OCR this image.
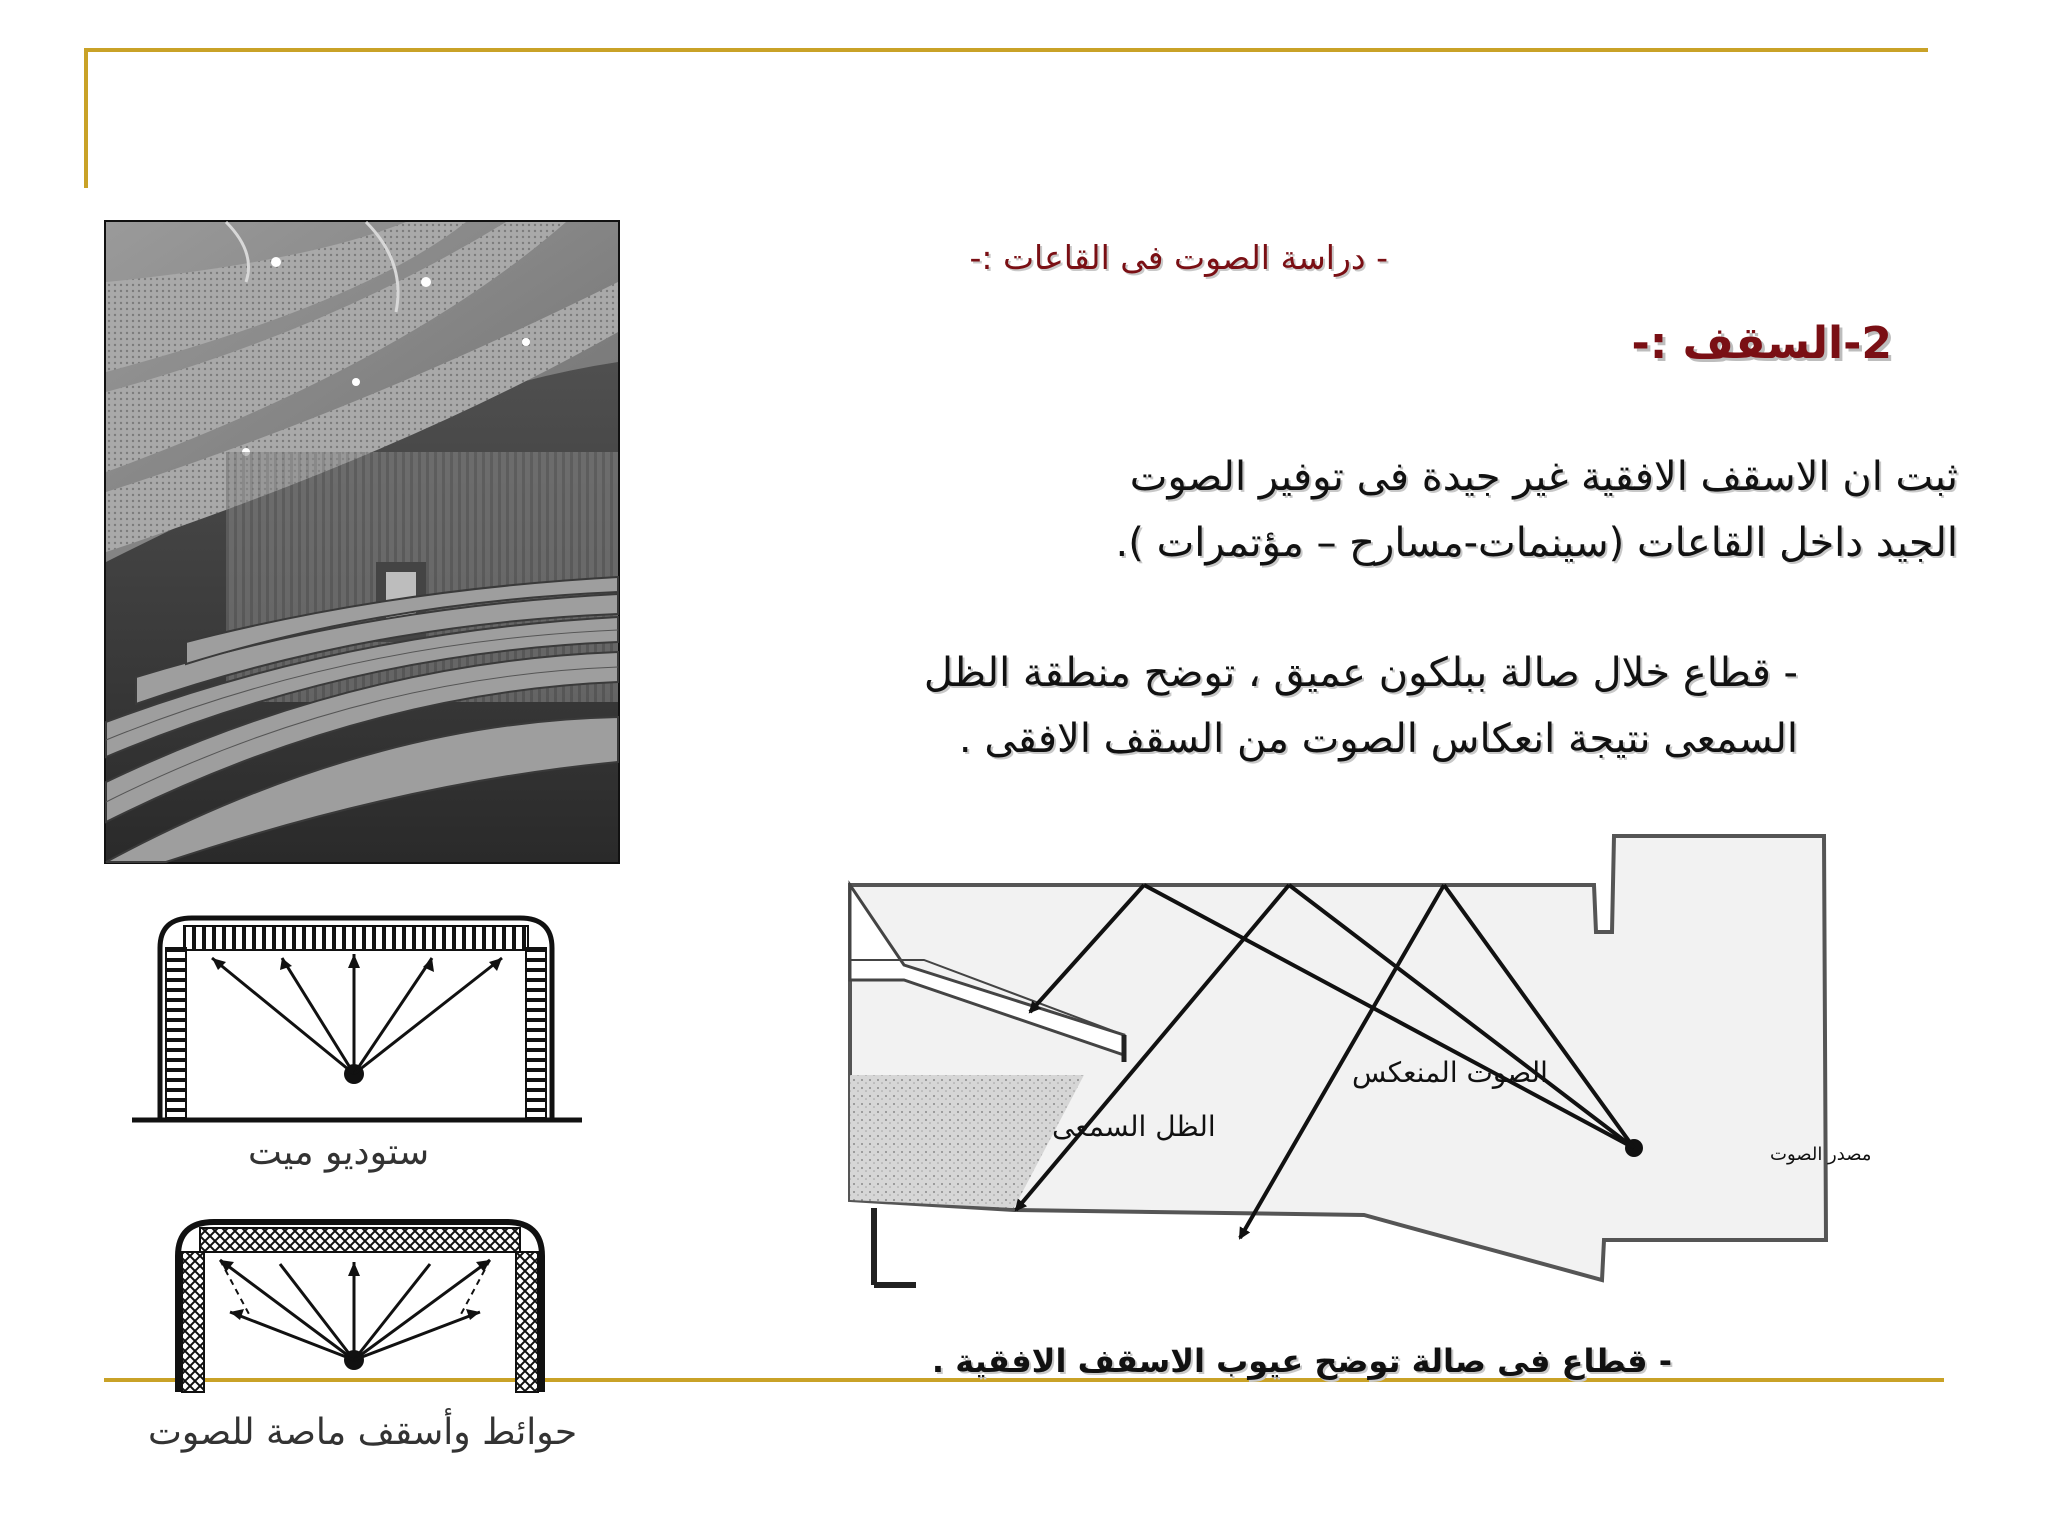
- دراسة الصوت فى القاعات :-
2-السقف :-
ثبت ان الاسقف الافقية غير جيدة فى توفير الصوت
الجيد داخل القاعات (سينمات-مسارح – مؤتمرات ).
- قطاع خلال صالة ببلكون عميق ، توضح منطقة الظل
السمعى نتيجة انعكاس الصوت من السقف الافقى .
- قطاع فى صالة توضح عيوب الاسقف الافقية .
ستوديو ميت
حوائط وأسقف ماصة للصوت
الصوت المنعكس
الظل السمعى
مصدر الصوت
